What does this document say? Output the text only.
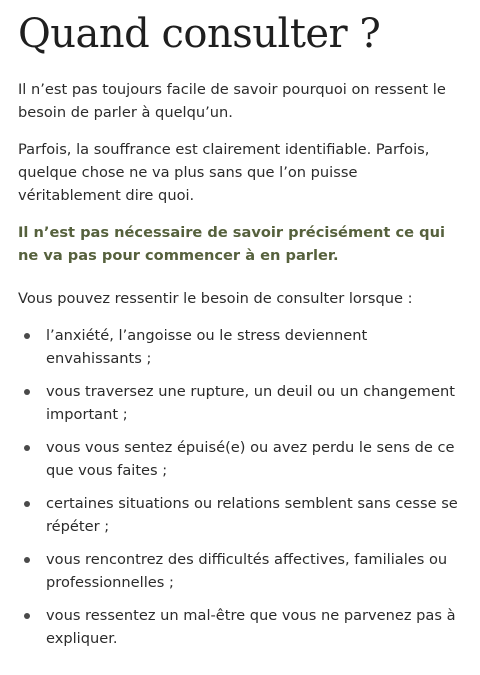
Quand consulter ?

Il n’est pas toujours facile de savoir pourquoi on ressent le besoin de parler à quelqu’un.

Parfois, la souffrance est clairement identifiable. Parfois, quelque chose ne va plus sans que l’on puisse véritablement dire quoi.

Il n’est pas nécessaire de savoir précisément ce qui ne va pas pour commencer à en parler.

Vous pouvez ressentir le besoin de consulter lorsque :

l’anxiété, l’angoisse ou le stress deviennent envahissants ;
vous traversez une rupture, un deuil ou un changement important ;
vous vous sentez épuisé(e) ou avez perdu le sens de ce que vous faites ;
certaines situations ou relations semblent sans cesse se répéter ;
vous rencontrez des difficultés affectives, familiales ou professionnelles ;
vous ressentez un mal-être que vous ne parvenez pas à expliquer.
